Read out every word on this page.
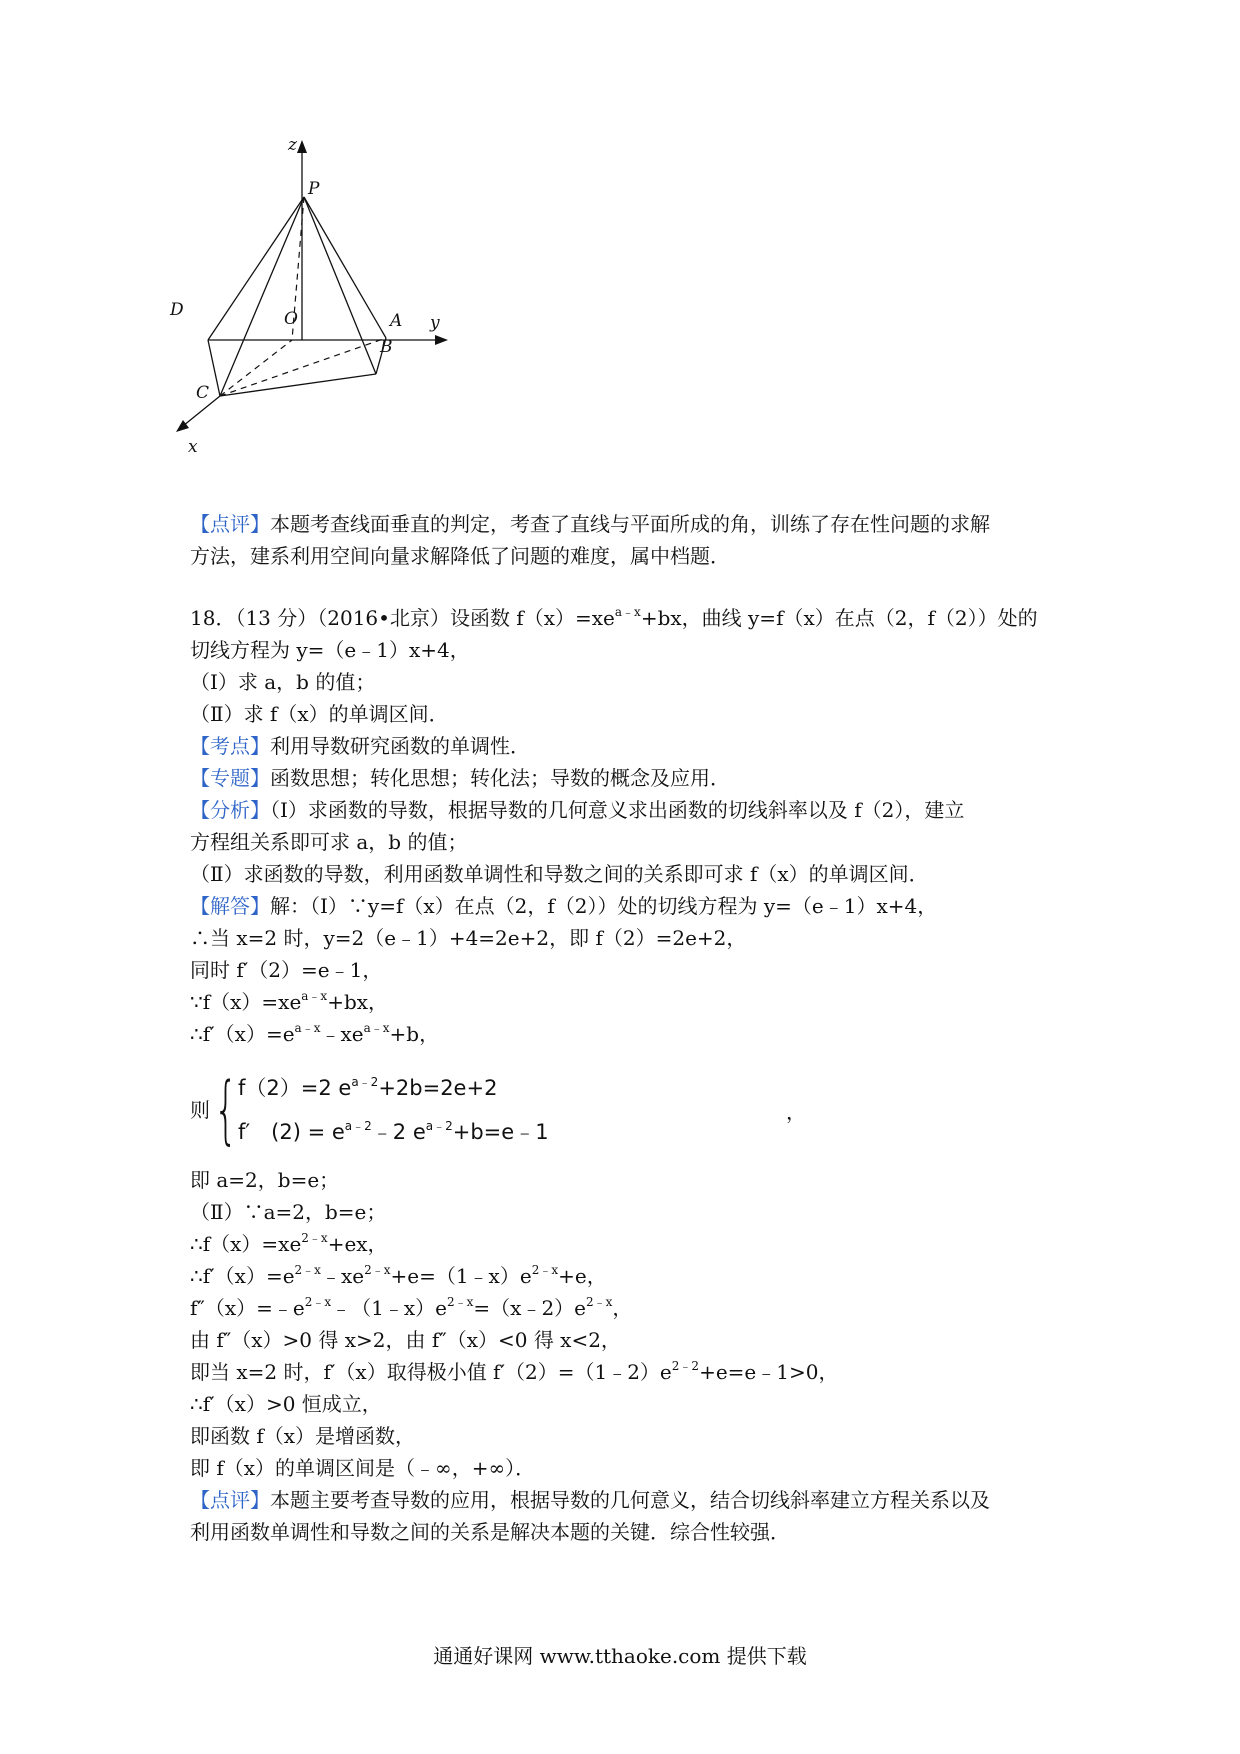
z
P
D	O	A y
B
C
x
【点评】本题考查线面垂直的判定，考查了直线与平面所成的角，训练了存在性问题的求解
方法，建系利用空间向量求解降低了问题的难度，属中档题．
18．（13 分）（2016•北京）设函数 $f(x)=xe^{a﹣x}+bx$，曲线 y=f（x）在点（2，f（2））处的
切线方程为 y=（e﹣1）x+4，
（Ⅰ）求 a，b 的值；
（Ⅱ）求 f（x）的单调区间．
【考点】利用导数研究函数的单调性．
【专题】函数思想；转化思想；转化法；导数的概念及应用．
【分析】（Ⅰ）求函数的导数，根据导数的几何意义求出函数的切线斜率以及 f（2），建立
方程组关系即可求 a，b 的值；
（Ⅱ）求函数的导数，利用函数单调性和导数之间的关系即可求 f（x）的单调区间．
【解答】解：（Ⅰ）∵y=f（x）在点（2，f（2））处的切线方程为 y=（e﹣1）x+4，
∴当 x=2 时，y=2（e﹣1）+4=2e+2，即 f（2）=2e+2，
同时 f′（2）=e﹣1，
$\because f(x)=xe^{a﹣x}+bx$，
$\therefore f'(x)=e^{a﹣x}﹣xe^{a﹣x}+b$，
则 { f（2）=2 $e^{a﹣2}+2b=2e+2$
f′　$(2) = e^{a﹣2}﹣2$ $e^{a﹣2}+b=e﹣1$
，
即 a=2，b=e；
（Ⅱ）∵a=2，b=e；
$\therefore f(x)=xe^{2﹣x}+ex$，
$\therefore f'(x)=e^{2﹣x}﹣xe^{2﹣x}+e=(1﹣x)e^{2﹣x}+e$，
$f''(x)=﹣e^{2﹣x}﹣(1﹣x)e^{2﹣x}=(x﹣2)e^{2﹣x}$，
由 f″（x）>0 得 x>2，由 f″（x）<0 得 x<2，
即当 x=2 时，f′（x）取得极小值 $f'(2)=(1﹣2)e^{2﹣2}+e=e﹣1>0$，
∴f′（x）>0 恒成立，
即函数 f（x）是增函数，
即 f（x）的单调区间是（﹣∞，+∞）．
【点评】本题主要考查导数的应用，根据导数的几何意义，结合切线斜率建立方程关系以及
利用函数单调性和导数之间的关系是解决本题的关键．综合性较强．
通通好课网 www.tthaoke.com 提供下载
